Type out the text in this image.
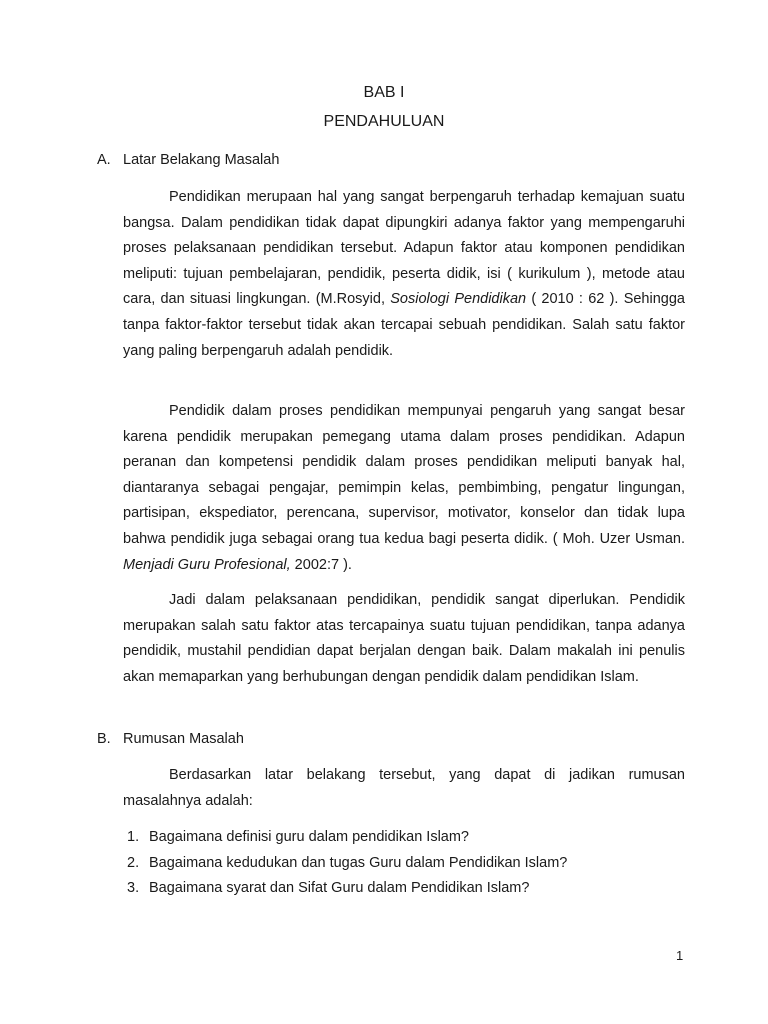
BAB I
PENDAHULUAN
A. Latar Belakang Masalah

Pendidikan merupaan hal yang sangat berpengaruh terhadap kemajuan suatu bangsa. Dalam pendidikan tidak dapat dipungkiri adanya faktor yang mempengaruhi proses pelaksanaan pendidikan tersebut. Adapun faktor atau komponen pendidikan meliputi: tujuan pembelajaran, pendidik, peserta didik, isi ( kurikulum ), metode atau cara, dan situasi lingkungan. (M.Rosyid, Sosiologi Pendidikan ( 2010 : 62 ). Sehingga tanpa faktor-faktor tersebut tidak akan tercapai sebuah pendidikan. Salah satu faktor yang paling berpengaruh adalah pendidik.

Pendidik dalam proses pendidikan mempunyai pengaruh yang sangat besar karena pendidik merupakan pemegang utama dalam proses pendidikan. Adapun peranan dan kompetensi pendidik dalam proses pendidikan meliputi banyak hal, diantaranya sebagai pengajar, pemimpin kelas, pembimbing, pengatur lingungan, partisipan, ekspediator, perencana, supervisor, motivator, konselor dan tidak lupa bahwa pendidik juga sebagai orang tua kedua bagi peserta didik. ( Moh. Uzer Usman. Menjadi Guru Profesional, 2002:7 ).

Jadi dalam pelaksanaan pendidikan, pendidik sangat diperlukan. Pendidik merupakan salah satu faktor atas tercapainya suatu tujuan pendidikan, tanpa adanya pendidik, mustahil pendidian dapat berjalan dengan baik. Dalam makalah ini penulis akan memaparkan yang berhubungan dengan pendidik dalam pendidikan Islam.

B. Rumusan Masalah

Berdasarkan latar belakang tersebut, yang dapat di jadikan rumusan masalahnya adalah:

1. Bagaimana definisi guru dalam pendidikan Islam?
2. Bagaimana kedudukan dan tugas Guru dalam Pendidikan Islam?
3. Bagaimana syarat dan Sifat Guru dalam Pendidikan Islam?
1
